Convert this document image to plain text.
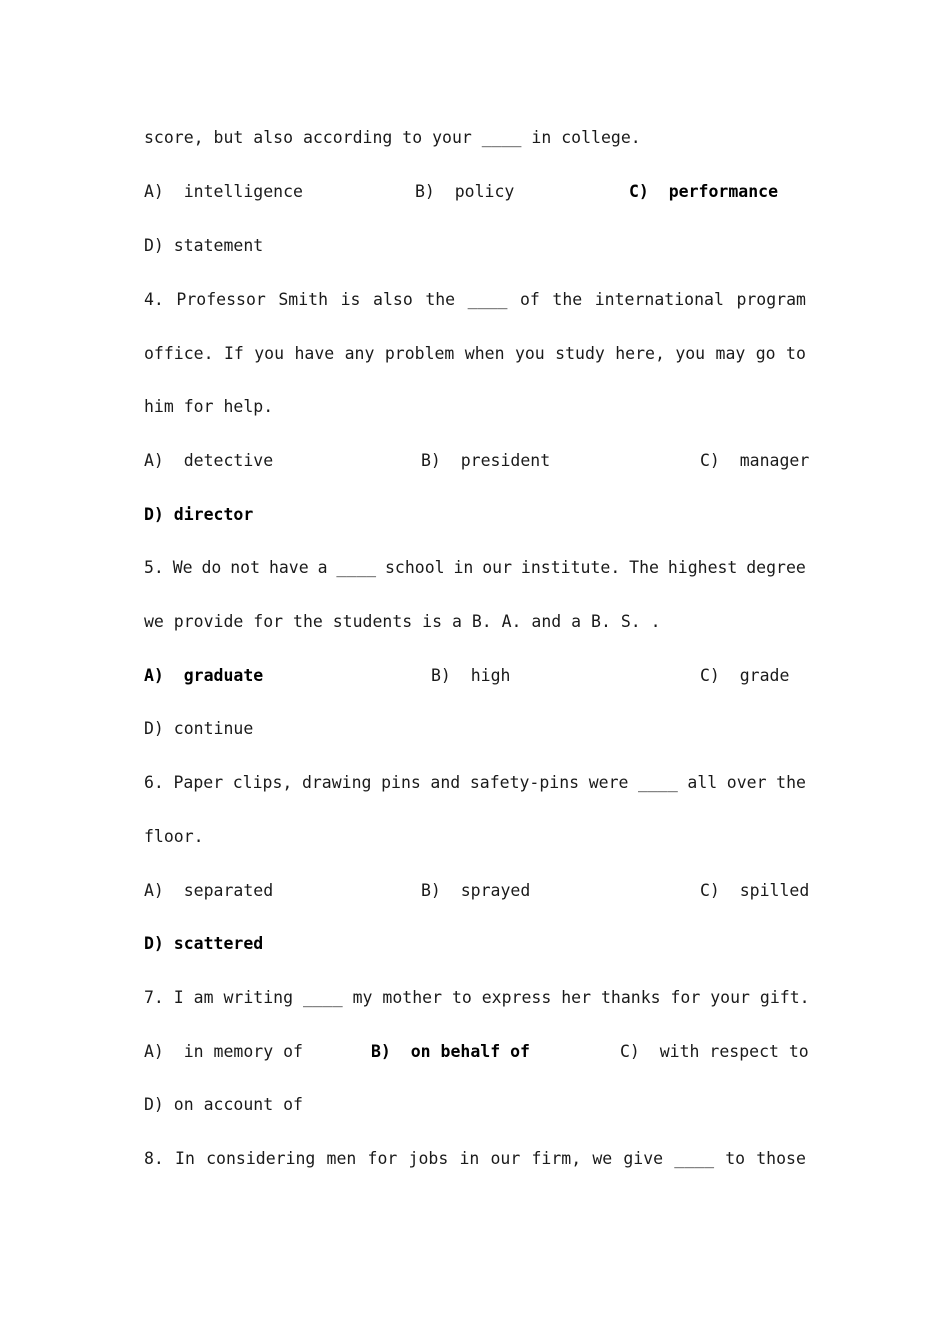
score, but also according to your ____ in college.
A)  intelligence	B)  policy	C)  performance
D) statement
4. Professor Smith is also the ____ of the international program
office. If you have any problem when you study here, you may go to
him for help.
A)  detective	B)  president	C)  manager
D) director
5. We do not have a ____ school in our institute. The highest degree
we provide for the students is a B. A. and a B. S. .
A)  graduate	B)  high	C)  grade
D) continue
6. Paper clips, drawing pins and safety-pins were ____ all over the
floor.
A)  separated	B)  sprayed	C)  spilled
D) scattered
7. I am writing ____ my mother to express her thanks for your gift.
A)  in memory of	B)  on behalf of	C)  with respect to
D) on account of
8. In considering men for jobs in our firm, we give ____ to those
